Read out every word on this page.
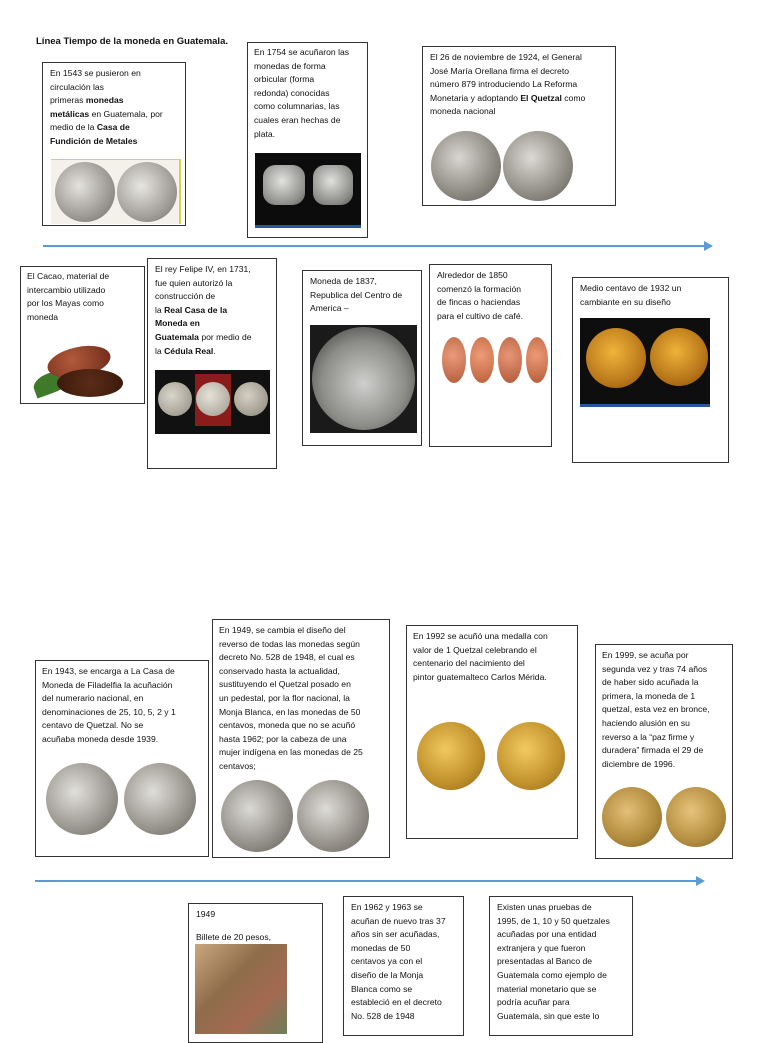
Línea Tiempo de la moneda en Guatemala.
En 1543 se pusieron en
circulación las
primeras monedas
metálicas en Guatemala, por
medio de la Casa de
Fundición de Metales
En 1754 se acuñaron las
monedas de forma
orbicular (forma
redonda) conocidas
como columnarias, las
cuales eran hechas de
plata.
El 26 de noviembre de 1924, el General
José María Orellana firma el decreto
número 879 introduciendo La Reforma
Monetaria y adoptando El Quetzal como
moneda nacional
El Cacao, material de
intercambio utilizado
por los Mayas como
moneda
El rey Felipe IV, en 1731,
fue quien autorizó la
construcción de
la Real Casa de la
Moneda en
Guatemala por medio de
la Cédula Real.
Moneda de 1837,
Republica del Centro de
America –
Alrededor de 1850
comenzó la formación
de fincas o haciendas
para el cultivo de café.
Medio centavo de 1932 un
cambiante en su diseño
En 1943, se encarga a La Casa de
Moneda de Filadelfia la acuñación
del numerario nacional, en
denominaciones de 25, 10, 5, 2 y 1
centavo de Quetzal. No se
acuñaba moneda desde 1939.
En 1949, se cambia el diseño del
reverso de todas las monedas según
decreto No. 528 de 1948, el cual es
conservado hasta la actualidad,
sustituyendo el Quetzal posado en
un pedestal, por la flor nacional, la
Monja Blanca, en las monedas de 50
centavos, moneda que no se acuñó
hasta 1962; por la cabeza de una
mujer indígena en las monedas de 25
centavos;
En 1992 se acuñó una medalla con
valor de 1 Quetzal celebrando el
centenario del nacimiento del
pintor guatemalteco Carlos Mérida.
En 1999, se acuña por
segunda vez y tras 74 años
de haber sido acuñada la
primera, la moneda de 1
quetzal, esta vez en bronce,
haciendo alusión en su
reverso a la “paz firme y
duradera” firmada el 29 de
diciembre de 1996.
1949
Billete de 20 pesos,
En 1962 y 1963 se
acuñan de nuevo tras 37
años sin ser acuñadas,
monedas de 50
centavos ya con el
diseño de la Monja
Blanca como se
estableció en el decreto
No. 528 de 1948
Existen unas pruebas de
1995, de 1, 10 y 50 quetzales
acuñadas por una entidad
extranjera y que fueron
presentadas al Banco de
Guatemala como ejemplo de
material monetario que se
podría acuñar para
Guatemala, sin que este lo
